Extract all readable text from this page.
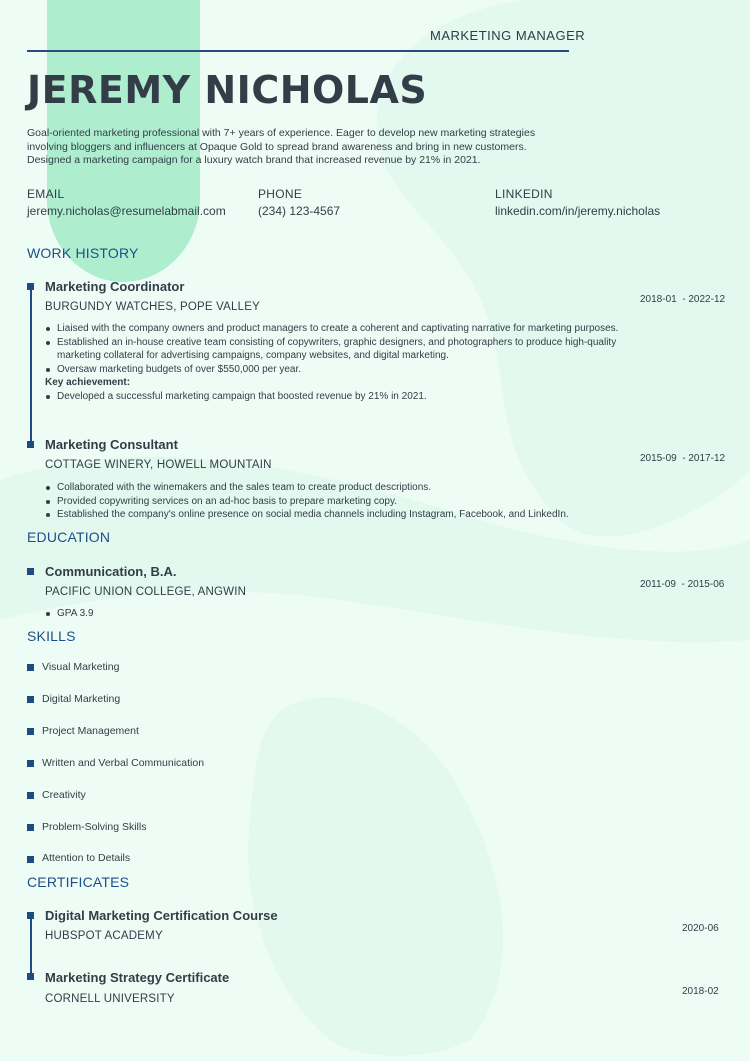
MARKETING MANAGER
JEREMY NICHOLAS
Goal-oriented marketing professional with 7+ years of experience. Eager to develop new marketing strategies involving bloggers and influencers at Opaque Gold to spread brand awareness and bring in new customers. Designed a marketing campaign for a luxury watch brand that increased revenue by 21% in 2021.
EMAIL
jeremy.nicholas@resumelabmail.com
PHONE
(234) 123-4567
LINKEDIN
linkedin.com/in/jeremy.nicholas
WORK HISTORY
Marketing Coordinator
BURGUNDY WATCHES, POPE VALLEY
2018-01  - 2022-12
Liaised with the company owners and product managers to create a coherent and captivating narrative for marketing purposes.
Established an in-house creative team consisting of copywriters, graphic designers, and photographers to produce high-quality marketing collateral for advertising campaigns, company websites, and digital marketing.
Oversaw marketing budgets of over $550,000 per year.
Key achievement:
Developed a successful marketing campaign that boosted revenue by 21% in 2021.
Marketing Consultant
COTTAGE WINERY, HOWELL MOUNTAIN
2015-09  - 2017-12
Collaborated with the winemakers and the sales team to create product descriptions.
Provided copywriting services on an ad-hoc basis to prepare marketing copy.
Established the company's online presence on social media channels including Instagram, Facebook, and LinkedIn.
EDUCATION
Communication, B.A.
PACIFIC UNION COLLEGE, ANGWIN
2011-09  - 2015-06
GPA 3.9
SKILLS
Visual Marketing
Digital Marketing
Project Management
Written and Verbal Communication
Creativity
Problem-Solving Skills
Attention to Details
CERTIFICATES
Digital Marketing Certification Course
HUBSPOT ACADEMY
2020-06
Marketing Strategy Certificate
CORNELL UNIVERSITY
2018-02
